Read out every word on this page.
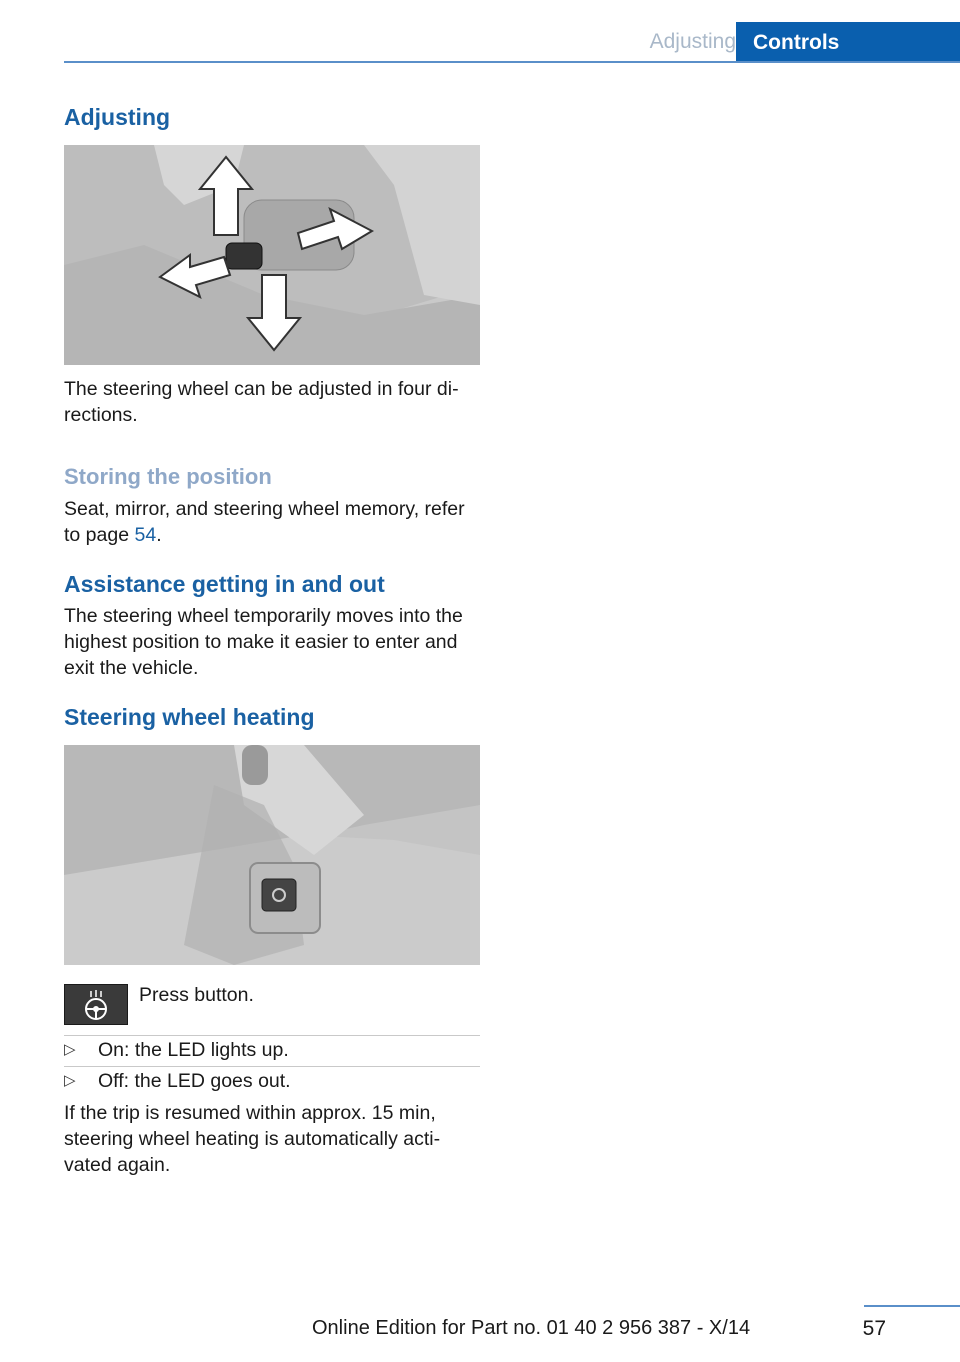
Adjusting Controls
Adjusting

The steering wheel can be adjusted in four di‐

rections.

Storing the position

Seat, mirror, and steering wheel memory, refer

to page 54.

Assistance getting in and out

The steering wheel temporarily moves into the

highest position to make it easier to enter and

exit the vehicle.

Steering wheel heating

Press button.

▷ On: the LED lights up.
▷ Off: the LED goes out.

If the trip is resumed within approx. 15 min,

steering wheel heating is automatically acti‐

vated again.

57
Online Edition for Part no. 01 40 2 956 387 - X/14
